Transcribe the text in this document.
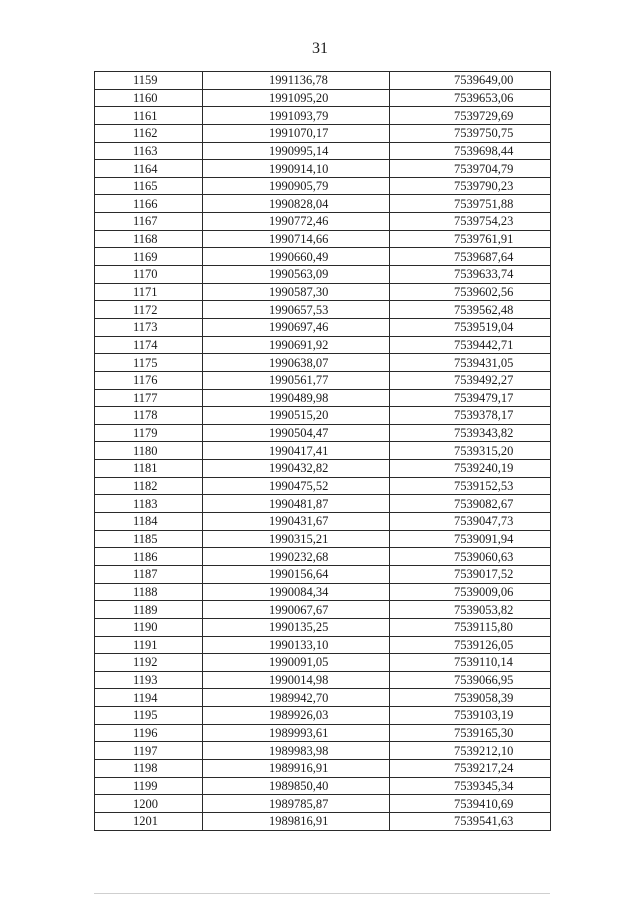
31
1159	1991136,78	7539649,00
1160	1991095,20	7539653,06
1161	1991093,79	7539729,69
1162	1991070,17	7539750,75
1163	1990995,14	7539698,44
1164	1990914,10	7539704,79
1165	1990905,79	7539790,23
1166	1990828,04	7539751,88
1167	1990772,46	7539754,23
1168	1990714,66	7539761,91
1169	1990660,49	7539687,64
1170	1990563,09	7539633,74
1171	1990587,30	7539602,56
1172	1990657,53	7539562,48
1173	1990697,46	7539519,04
1174	1990691,92	7539442,71
1175	1990638,07	7539431,05
1176	1990561,77	7539492,27
1177	1990489,98	7539479,17
1178	1990515,20	7539378,17
1179	1990504,47	7539343,82
1180	1990417,41	7539315,20
1181	1990432,82	7539240,19
1182	1990475,52	7539152,53
1183	1990481,87	7539082,67
1184	1990431,67	7539047,73
1185	1990315,21	7539091,94
1186	1990232,68	7539060,63
1187	1990156,64	7539017,52
1188	1990084,34	7539009,06
1189	1990067,67	7539053,82
1190	1990135,25	7539115,80
1191	1990133,10	7539126,05
1192	1990091,05	7539110,14
1193	1990014,98	7539066,95
1194	1989942,70	7539058,39
1195	1989926,03	7539103,19
1196	1989993,61	7539165,30
1197	1989983,98	7539212,10
1198	1989916,91	7539217,24
1199	1989850,40	7539345,34
1200	1989785,87	7539410,69
1201	1989816,91	7539541,63
